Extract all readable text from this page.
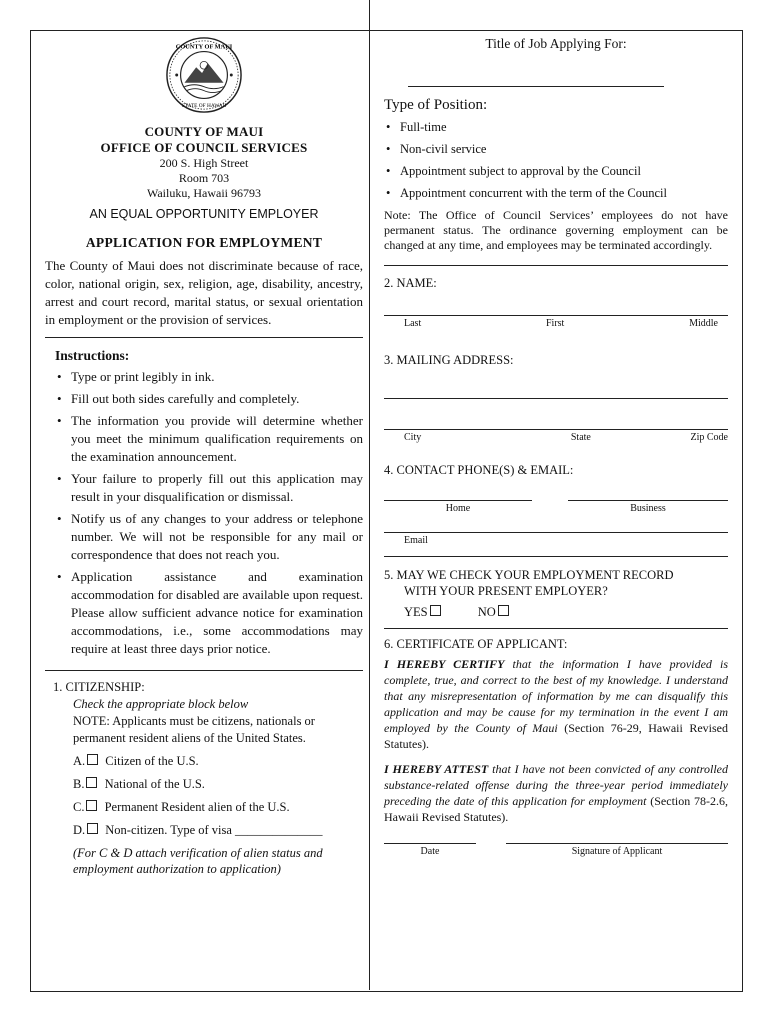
COUNTY OF MAUI
STATE OF HAWAII
COUNTY OF MAUI
OFFICE OF COUNCIL SERVICES
200 S. High Street
Room 703
Wailuku, Hawaii 96793
AN EQUAL OPPORTUNITY EMPLOYER
APPLICATION FOR EMPLOYMENT
The County of Maui does not discriminate because of race, color, national origin, sex, religion, age, disability, ancestry, arrest and court record, marital status, or sexual orientation in employment or the provision of services.
Instructions:
• Type or print legibly in ink.
• Fill out both sides carefully and completely.
• The information you provide will determine whether you meet the minimum qualification requirements on the examination announcement.
• Your failure to properly fill out this application may result in your disqualification or dismissal.
• Notify us of any changes to your address or telephone number. We will not be responsible for any mail or correspondence that does not reach you.
• Application assistance and examination accommodation for disabled are available upon request. Please allow sufficient advance notice for examination accommodations, i.e., some accommodations may require at least three days prior notice.
1. CITIZENSHIP:
Check the appropriate block below
NOTE: Applicants must be citizens, nationals or permanent resident aliens of the United States.
A. Citizen of the U.S.
B. National of the U.S.
C. Permanent Resident alien of the U.S.
D. Non-citizen. Type of visa ______________
(For C & D attach verification of alien status and employment authorization to application)
Title of Job Applying For:
Type of Position:
• Full-time
• Non-civil service
• Appointment subject to approval by the Council
• Appointment concurrent with the term of the Council
Note: The Office of Council Services’ employees do not have permanent status. The ordinance governing employment can be changed at any time, and employees may be terminated accordingly.
2. NAME:
Last	First	Middle
3. MAILING ADDRESS:
City	State	Zip Code
4. CONTACT PHONE(S) & EMAIL:
Home	Business
Email
5. MAY WE CHECK YOUR EMPLOYMENT RECORD
WITH YOUR PRESENT EMPLOYER?
YES	NO
6. CERTIFICATE OF APPLICANT:
I HEREBY CERTIFY that the information I have provided is complete, true, and correct to the best of my knowledge. I understand that any misrepresentation of information by me can disqualify this application and may be cause for my termination in the event I am employed by the County of Maui (Section 76-29, Hawaii Revised Statutes).
I HEREBY ATTEST that I have not been convicted of any controlled substance-related offense during the three-year period immediately preceding the date of this application for employment (Section 78-2.6, Hawaii Revised Statutes).
Date	Signature of Applicant
